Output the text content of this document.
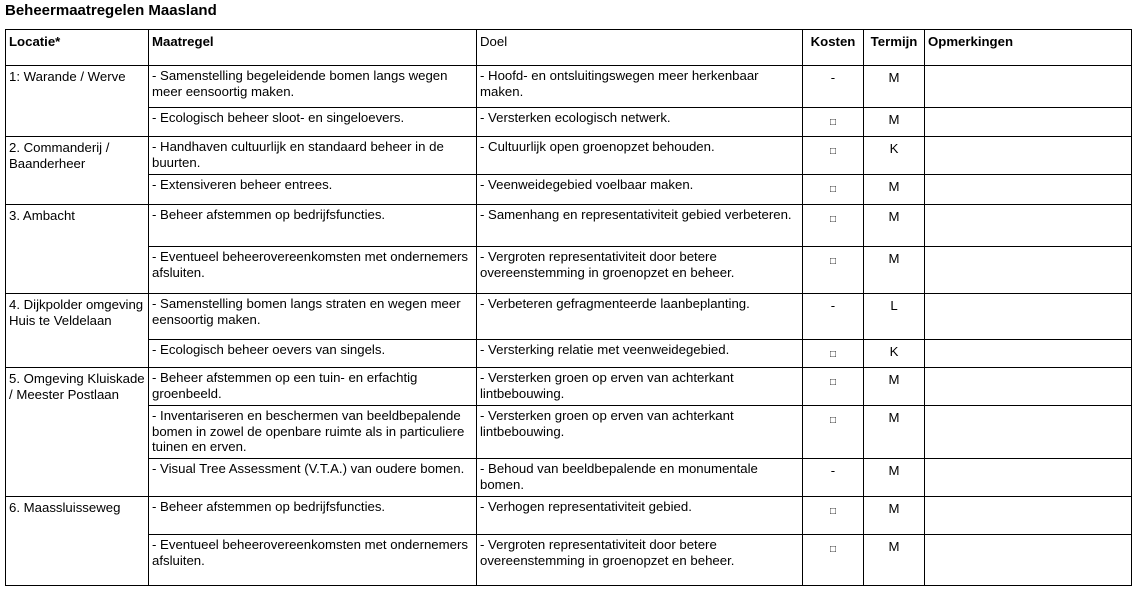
Beheermaatregelen Maasland
Locatie*	Maatregel	Doel	Kosten	Termijn	Opmerkingen
1: Warande / Werve	- Samenstelling begeleidende bomen langs wegen meer eensoortig maken.	- Hoofd- en ontsluitingswegen meer herkenbaar maken.	-	M	
	- Ecologisch beheer sloot- en singeloevers.	- Versterken ecologisch netwerk.	□	M	
2. Commanderij / Baanderheer	- Handhaven cultuurlijk en standaard beheer in de buurten.	- Cultuurlijk open groenopzet behouden.	□	K	
	- Extensiveren beheer entrees.	- Veenweidegebied voelbaar maken.	□	M	
3. Ambacht	- Beheer afstemmen op bedrijfsfuncties.	- Samenhang en representativiteit gebied verbeteren.	□	M	
	- Eventueel beheerovereenkomsten met ondernemers afsluiten.	- Vergroten representativiteit door betere overeenstemming in groenopzet en beheer.	□	M	
4. Dijkpolder omgeving Huis te Veldelaan	- Samenstelling bomen langs straten en wegen meer eensoortig maken.	- Verbeteren gefragmenteerde laanbeplanting.	-	L	
	- Ecologisch beheer oevers van singels.	- Versterking relatie met veenweidegebied.	□	K	
5. Omgeving Kluiskade / Meester Postlaan	- Beheer afstemmen op een tuin- en erfachtig groenbeeld.	- Versterken groen op erven van achterkant lintbebouwing.	□	M	
	- Inventariseren en beschermen van beeldbepalende bomen in zowel de openbare ruimte als in particuliere tuinen en erven.	- Versterken groen op erven van achterkant lintbebouwing.	□	M	
	- Visual Tree Assessment (V.T.A.) van oudere bomen.	- Behoud van beeldbepalende en monumentale bomen.	-	M	
6. Maassluisseweg	- Beheer afstemmen op bedrijfsfuncties.	- Verhogen representativiteit gebied.	□	M	
	- Eventueel beheerovereenkomsten met ondernemers afsluiten.	- Vergroten representativiteit door betere overeenstemming in groenopzet en beheer.	□	M	
